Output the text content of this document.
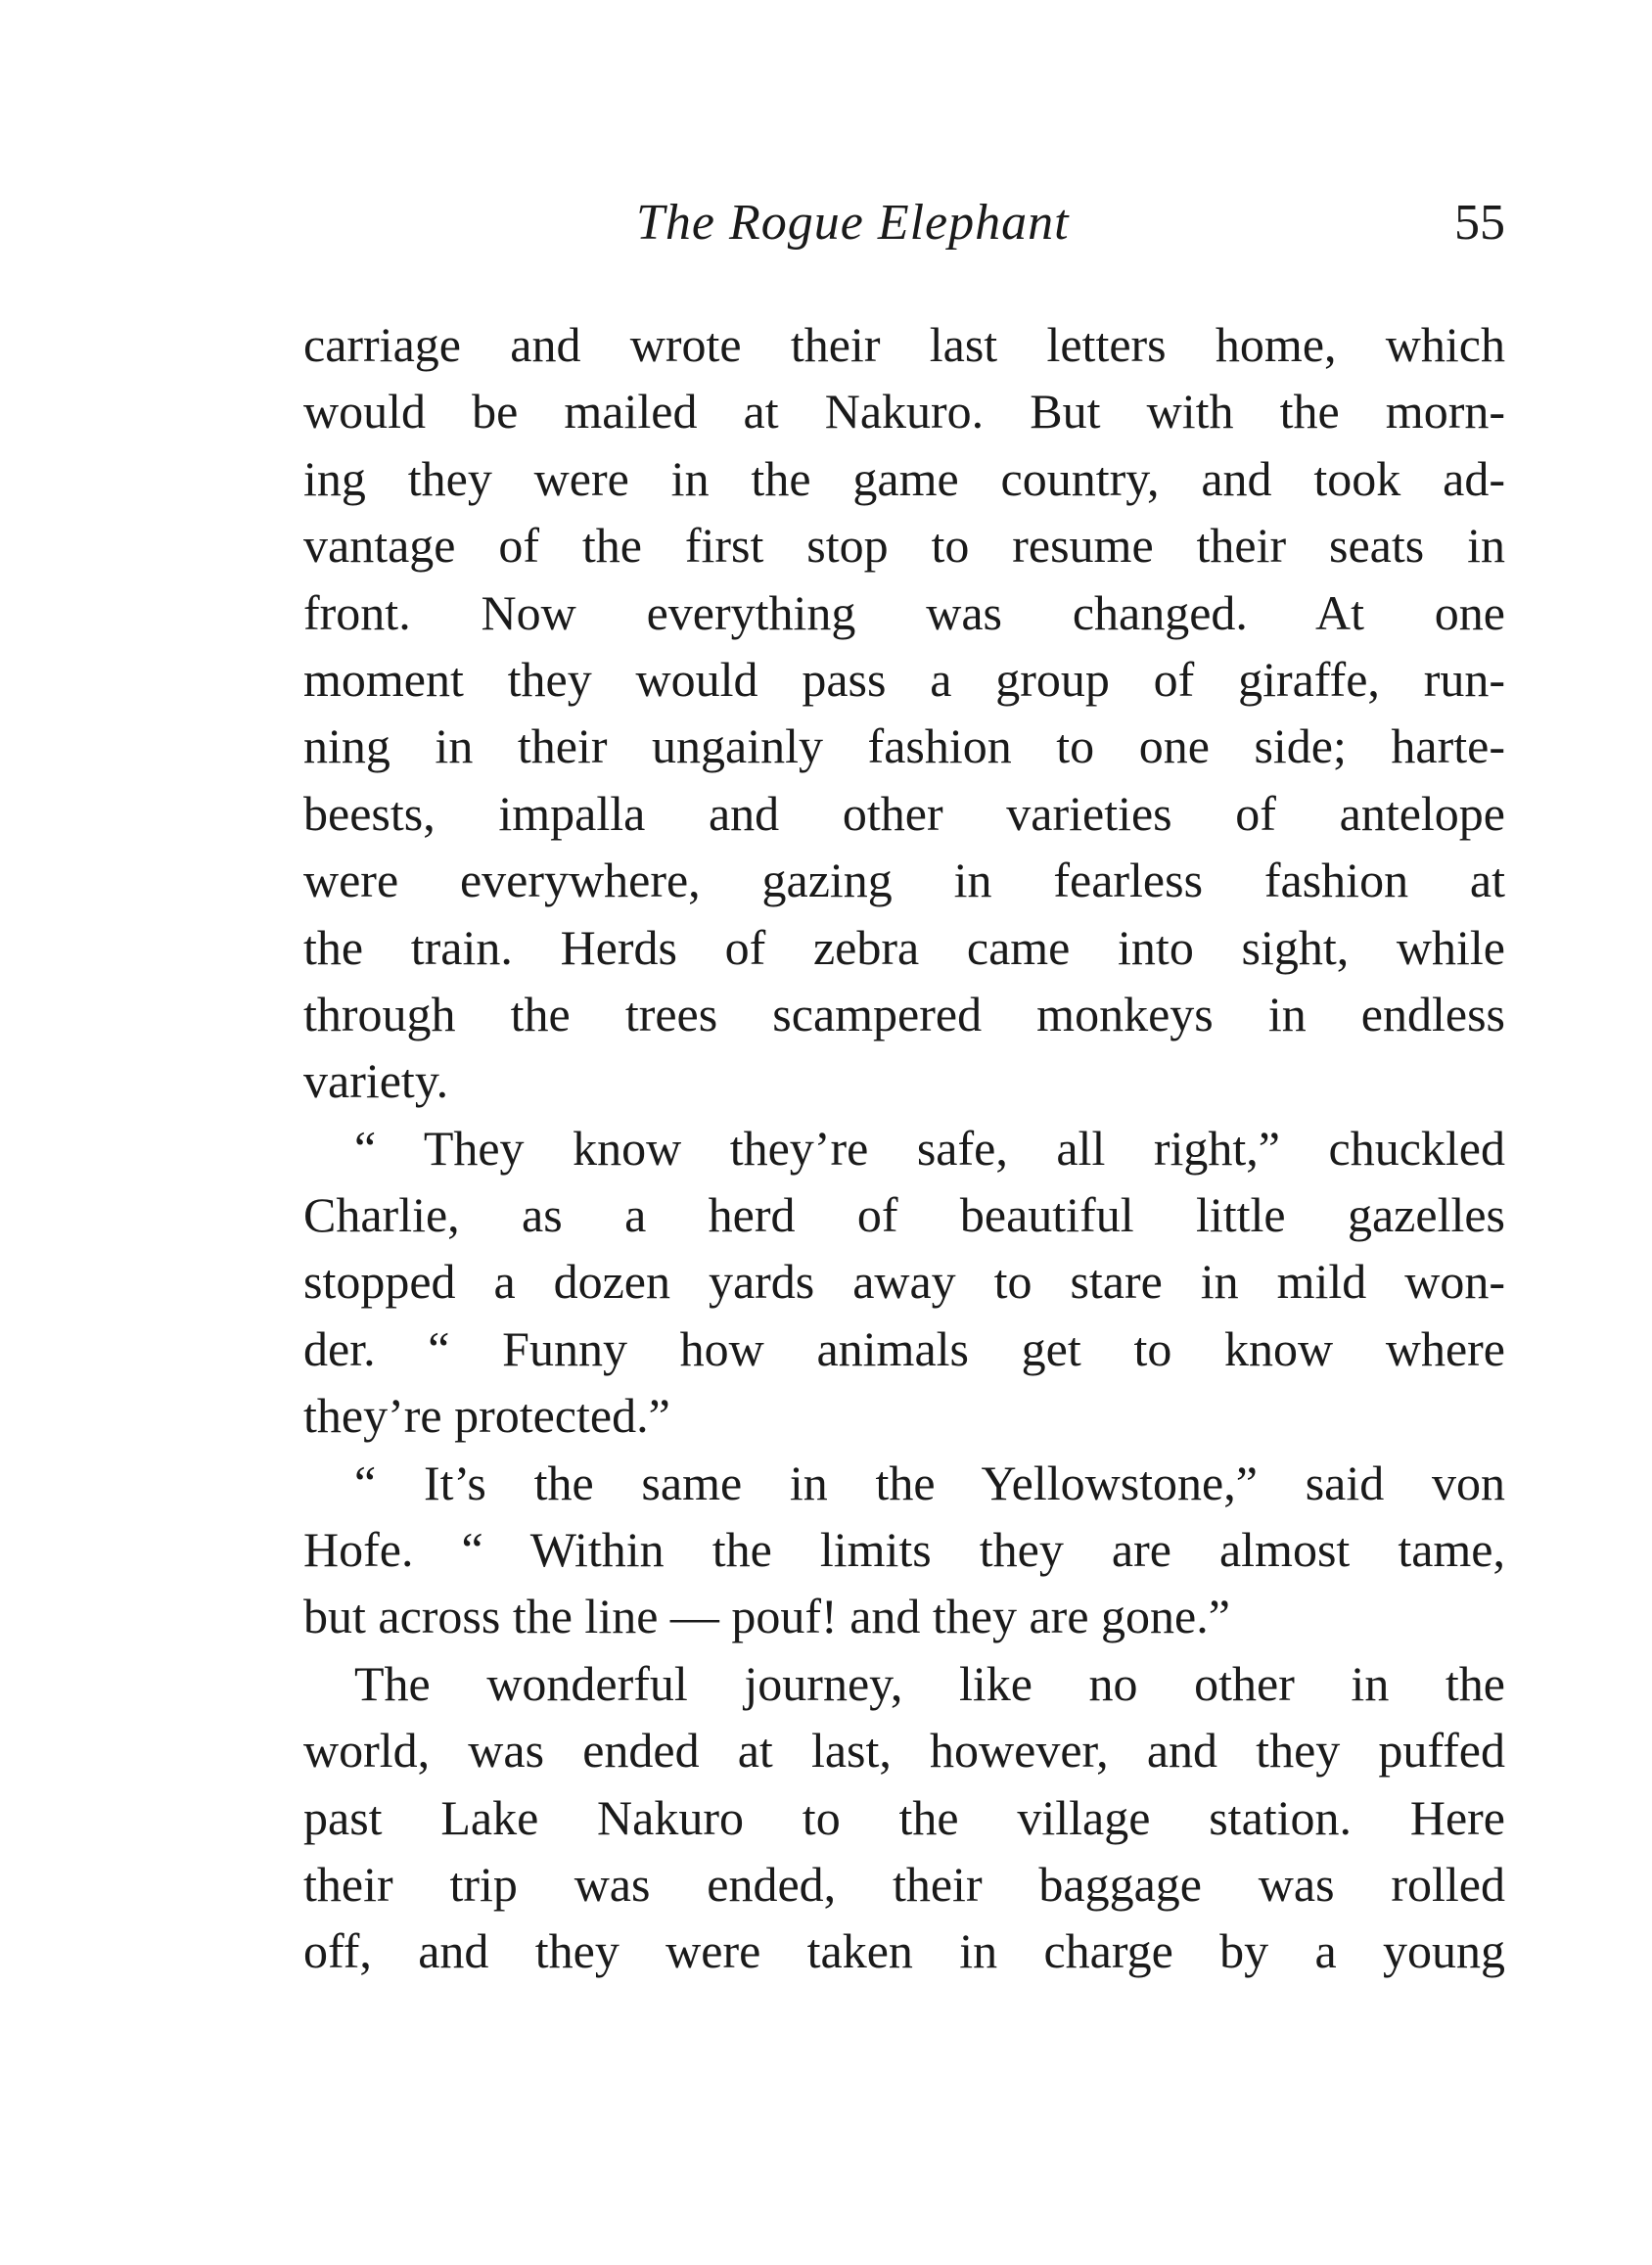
The Rogue Elephant	55
carriage and wrote their last letters home, which
would be mailed at Nakuro. But with the morn-
ing they were in the game country, and took ad-
vantage of the first stop to resume their seats in
front. Now everything was changed. At one
moment they would pass a group of giraffe, run-
ning in their ungainly fashion to one side; harte-
beests, impalla and other varieties of antelope
were everywhere, gazing in fearless fashion at
the train. Herds of zebra came into sight, while
through the trees scampered monkeys in endless
variety.
“ They know they’re safe, all right,” chuckled
Charlie, as a herd of beautiful little gazelles
stopped a dozen yards away to stare in mild won-
der. “ Funny how animals get to know where
they’re protected.”
“ It’s the same in the Yellowstone,” said von
Hofe. “ Within the limits they are almost tame,
but across the line — pouf! and they are gone.”
The wonderful journey, like no other in the
world, was ended at last, however, and they puffed
past Lake Nakuro to the village station. Here
their trip was ended, their baggage was rolled
off, and they were taken in charge by a young
